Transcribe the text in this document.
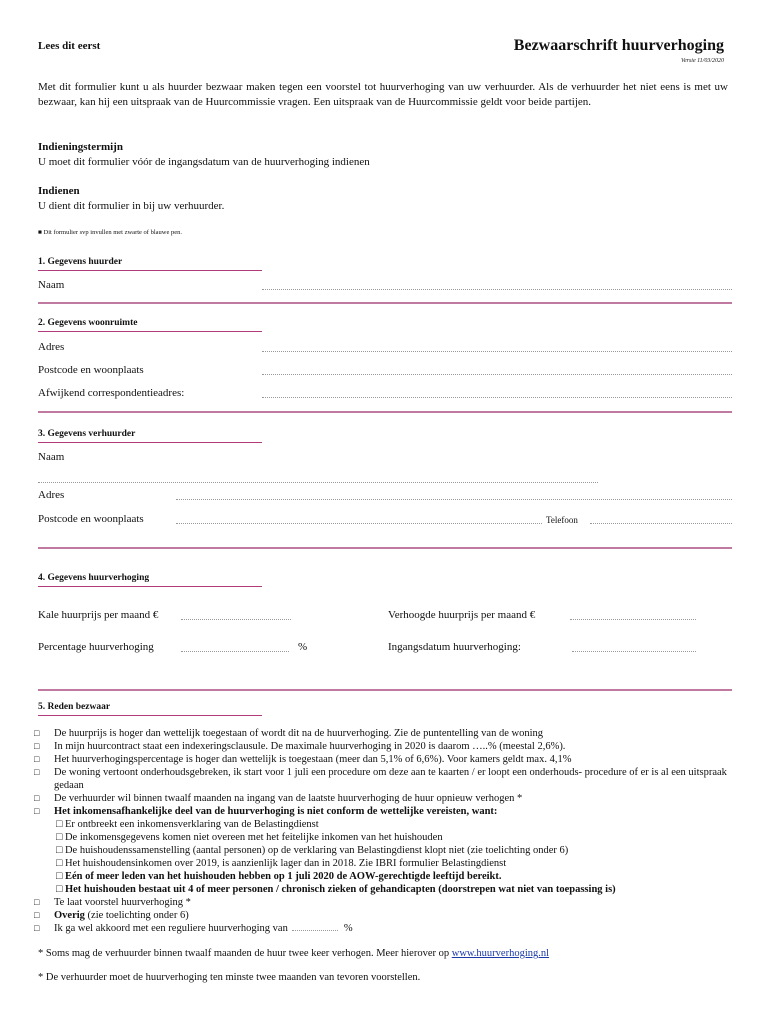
Lees dit eerst	Bezwaarschrift huurverhoging
Versie 11/03/2020
Met dit formulier kunt u als huurder bezwaar maken tegen een voorstel tot huurverhoging van uw verhuurder. Als de verhuurder het niet eens is met uw bezwaar, kan hij een uitspraak van de Huurcommissie vragen. Een uitspraak van de Huurcommissie geldt voor beide partijen.
Indieningstermijn
U moet dit formulier vóór de ingangsdatum van de huurverhoging indienen
Indienen
U dient dit formulier in bij uw verhuurder.
■ Dit formulier svp invullen met zwarte of blauwe pen.
1. Gegevens huurder
Naam
2. Gegevens woonruimte
Adres
Postcode en woonplaats
Afwijkend correspondentieadres:
3. Gegevens verhuurder
Naam
Adres
Postcode en woonplaats	Telefoon
4. Gegevens huurverhoging
Kale huurprijs per maand €	Verhoogde huurprijs per maand €
Percentage huurverhoging	%	Ingangsdatum huurverhoging:
5. Reden bezwaar
□	De huurprijs is hoger dan wettelijk toegestaan of wordt dit na de huurverhoging. Zie de puntentelling van de woning
□	In mijn huurcontract staat een indexeringsclausule. De maximale huurverhoging in 2020 is daarom …..% (meestal 2,6%).
□	Het huurverhogingspercentage is hoger dan wettelijk is toegestaan (meer dan 5,1% of 6,6%). Voor kamers geldt max. 4,1%
□	De woning vertoont onderhoudsgebreken, ik start voor 1 juli een procedure om deze aan te kaarten / er loopt een onderhouds- procedure of er is al een uitspraak gedaan
□	De verhuurder wil binnen twaalf maanden na ingang van de laatste huurverhoging de huur opnieuw verhogen *
□	Het inkomensafhankelijke deel van de huurverhoging is niet conform de wettelijke vereisten, want:
□ Er ontbreekt een inkomensverklaring van de Belastingdienst
□ De inkomensgegevens komen niet overeen met het feitelijke inkomen van het huishouden
□ De huishoudenssamenstelling (aantal personen) op de verklaring van Belastingdienst klopt niet (zie toelichting onder 6)
□ Het huishoudensinkomen over 2019, is aanzienlijk lager dan in 2018. Zie IBRI formulier Belastingdienst
□ Eén of meer leden van het huishouden hebben op 1 juli 2020 de AOW-gerechtigde leeftijd bereikt.
□ Het huishouden bestaat uit 4 of meer personen / chronisch zieken of gehandicapten (doorstrepen wat niet van toepassing is)
□	Te laat voorstel huurverhoging *
□	Overig (zie toelichting onder 6)
□	Ik ga wel akkoord met een reguliere huurverhoging van	%
* Soms mag de verhuurder binnen twaalf maanden de huur twee keer verhogen. Meer hierover op www.huurverhoging.nl
* De verhuurder moet de huurverhoging ten minste twee maanden van tevoren voorstellen.
